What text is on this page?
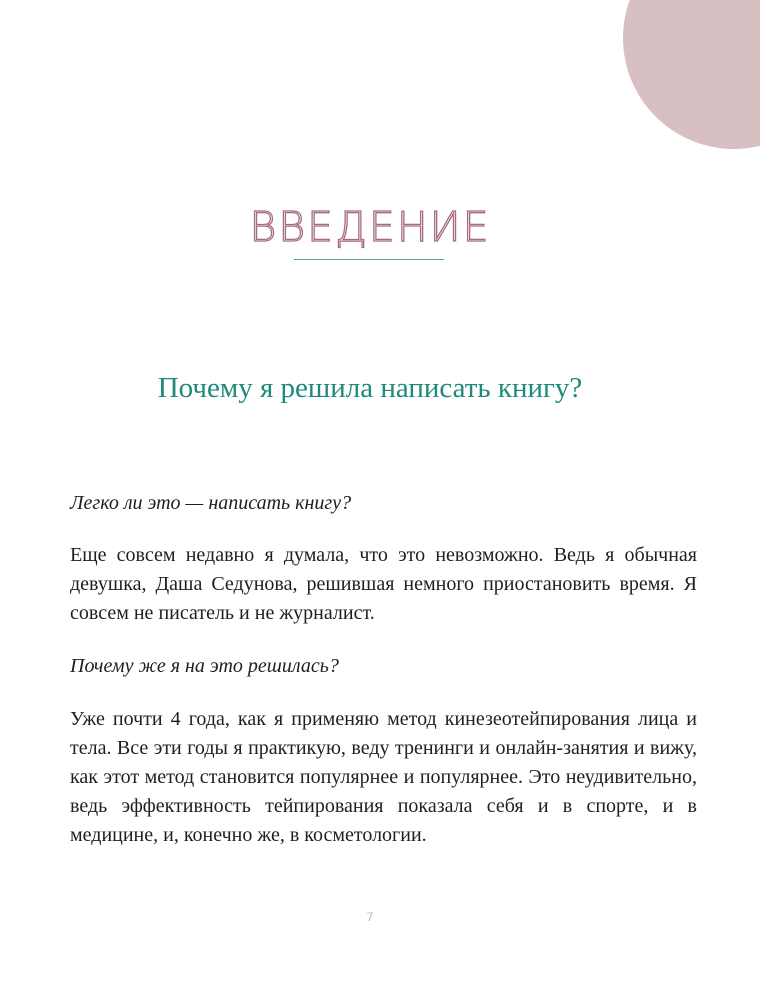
ВВЕДЕНИЕ
Почему я решила написать книгу?

Легко ли это — написать книгу?

Еще совсем недавно я думала, что это невозможно. Ведь я обычная девушка, Даша Седунова, решившая немного приостановить время. Я совсем не писатель и не журналист.

Почему же я на это решилась?

Уже почти 4 года, как я применяю метод кинезеотейпирования лица и тела. Все эти годы я практикую, веду тренинги и онлайн-занятия и вижу, как этот метод становится популярнее и популярнее. Это неудивительно, ведь эффективность тейпирования показала себя и в спорте, и в медицине, и, конечно же, в косметологии.

7
